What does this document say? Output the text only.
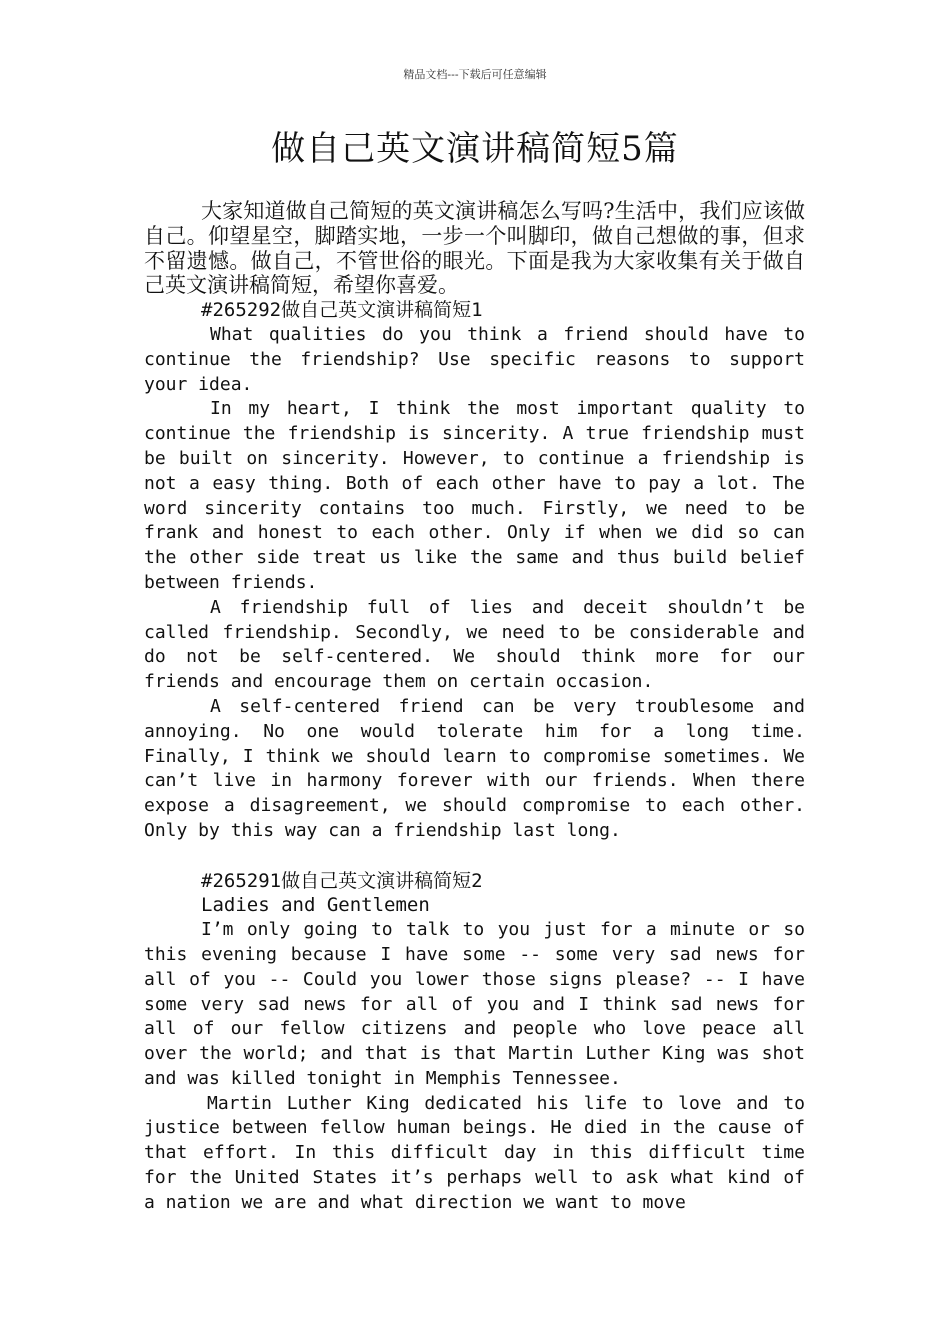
精品文档---下载后可任意编辑
做自己英文演讲稿简短5篇

大家知道做自己简短的英文演讲稿怎么写吗?生活中，我们应该做自己。仰望星空，脚踏实地，一步一个叫脚印，做自己想做的事，但求不留遗憾。做自己，不管世俗的眼光。下面是我为大家收集有关于做自己英文演讲稿简短，希望你喜爱。

#265292做自己英文演讲稿简短1

What qualities do you think a friend should have to continue the friendship? Use specific reasons to support your idea.

In my heart, I think the most important quality to continue the friendship is sincerity. A true friendship must be built on sincerity. However, to continue a friendship is not a easy thing. Both of each other have to pay a lot. The word sincerity contains too much. Firstly, we need to be frank and honest to each other. Only if when we did so can the other side treat us like the same and thus build belief between friends.

A friendship full of lies and deceit shouldn’t be called friendship. Secondly, we need to be considerable and do not be self-centered. We should think more for our friends and encourage them on certain occasion.

A self-centered friend can be very troublesome and annoying. No one would tolerate him for a long time. Finally, I think we should learn to compromise sometimes. We can’t live in harmony forever with our friends. When there expose a disagreement, we should compromise to each other. Only by this way can a friendship last long.

#265291做自己英文演讲稿简短2

Ladies and Gentlemen

I’m only going to talk to you just for a minute or so this evening because I have some -- some very sad news for all of you -- Could you lower those signs please? -- I have some very sad news for all of you and I think sad news for all of our fellow citizens and people who love peace all over the world; and that is that Martin Luther King was shot and was killed tonight in Memphis Tennessee.

Martin Luther King dedicated his life to love and to justice between fellow human beings. He died in the cause of that effort. In this difficult day in this difficult time for the United States it’s perhaps well to ask what kind of a nation we are and what direction we want to move
